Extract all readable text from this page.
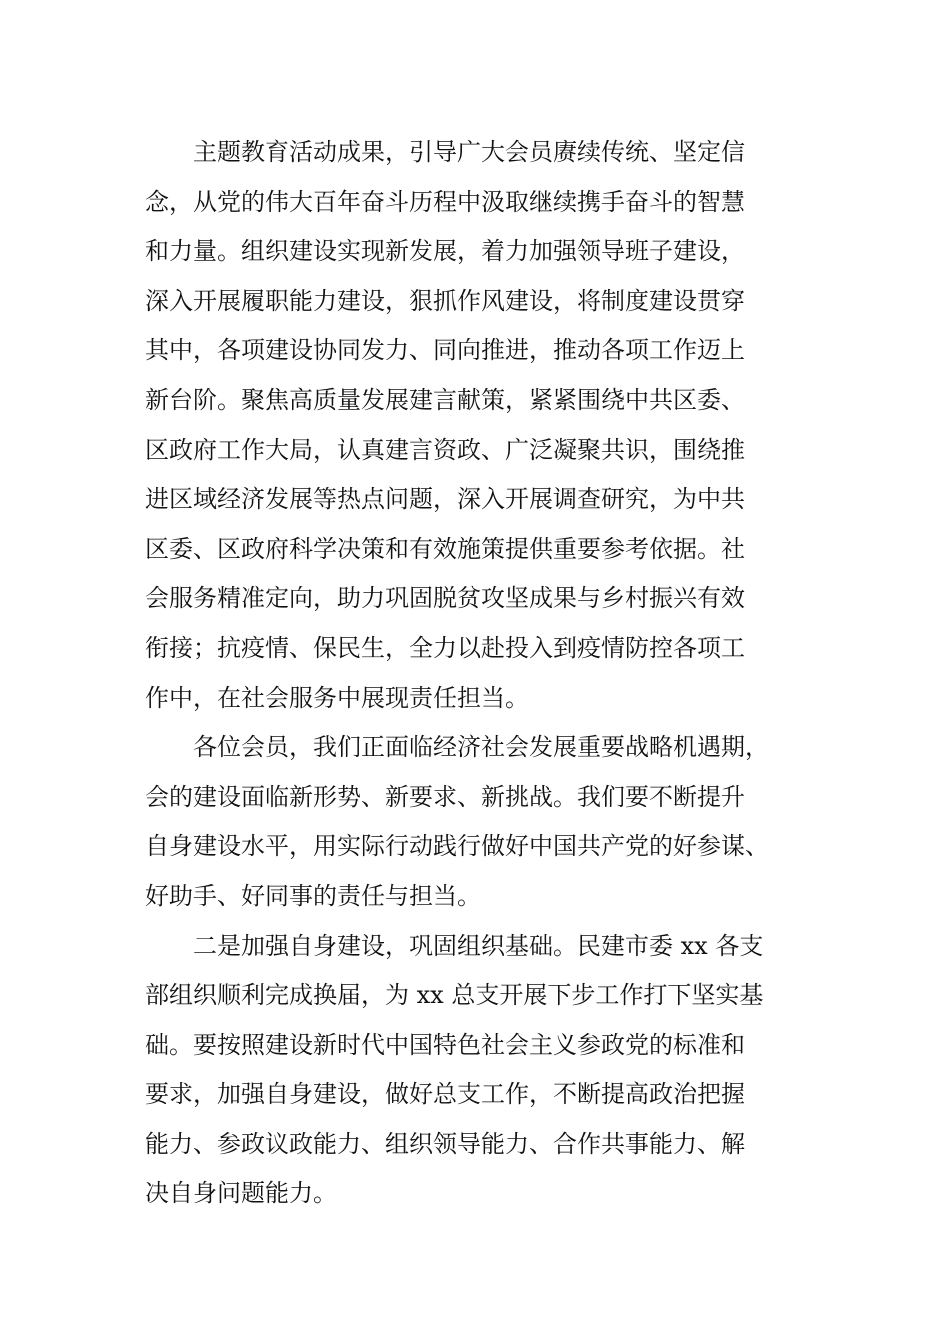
主题教育活动成果，引导广大会员赓续传统、坚定信
念，从党的伟大百年奋斗历程中汲取继续携手奋斗的智慧
和力量。组织建设实现新发展，着力加强领导班子建设，
深入开展履职能力建设，狠抓作风建设，将制度建设贯穿
其中，各项建设协同发力、同向推进，推动各项工作迈上
新台阶。聚焦高质量发展建言献策，紧紧围绕中共区委、
区政府工作大局，认真建言资政、广泛凝聚共识，围绕推
进区域经济发展等热点问题，深入开展调查研究，为中共
区委、区政府科学决策和有效施策提供重要参考依据。社
会服务精准定向，助力巩固脱贫攻坚成果与乡村振兴有效
衔接；抗疫情、保民生，全力以赴投入到疫情防控各项工
作中，在社会服务中展现责任担当。
各位会员，我们正面临经济社会发展重要战略机遇期，
会的建设面临新形势、新要求、新挑战。我们要不断提升
自身建设水平，用实际行动践行做好中国共产党的好参谋、
好助手、好同事的责任与担当。
二是加强自身建设，巩固组织基础。民建市委 xx 各支
部组织顺利完成换届，为 xx 总支开展下步工作打下坚实基
础。要按照建设新时代中国特色社会主义参政党的标准和
要求，加强自身建设，做好总支工作，不断提高政治把握
能力、参政议政能力、组织领导能力、合作共事能力、解
决自身问题能力。
